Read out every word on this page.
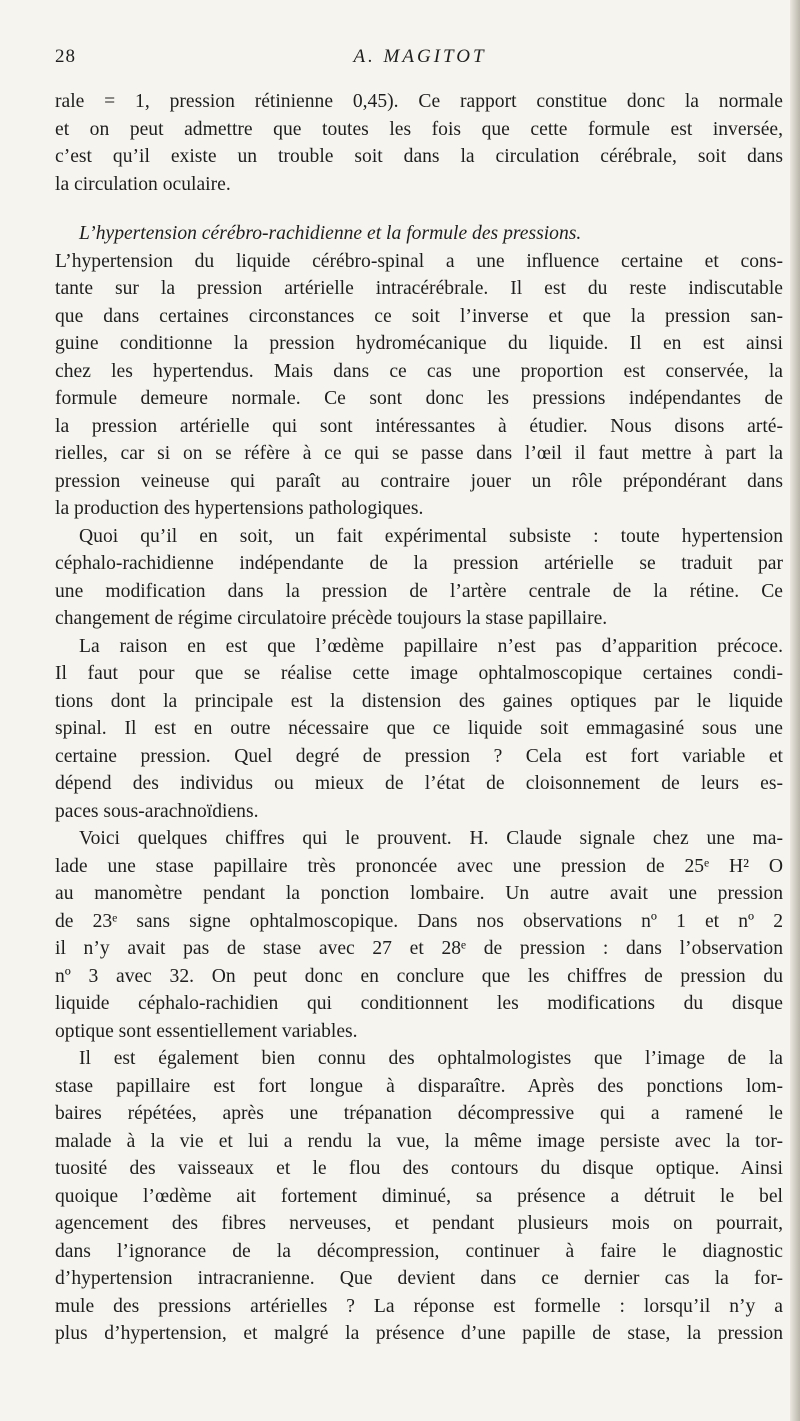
28	A. MAGITOT
rale = 1, pression rétinienne 0,45). Ce rapport constitue donc la normale
et on peut admettre que toutes les fois que cette formule est inversée,
c’est qu’il existe un trouble soit dans la circulation cérébrale, soit dans
la circulation oculaire.
L’hypertension cérébro-rachidienne et la formule des pressions.
L’hypertension du liquide cérébro-spinal a une influence certaine et cons-
tante sur la pression artérielle intracérébrale. Il est du reste indiscutable
que dans certaines circonstances ce soit l’inverse et que la pression san-
guine conditionne la pression hydromécanique du liquide. Il en est ainsi
chez les hypertendus. Mais dans ce cas une proportion est conservée, la
formule demeure normale. Ce sont donc les pressions indépendantes de
la pression artérielle qui sont intéressantes à étudier. Nous disons arté-
rielles, car si on se réfère à ce qui se passe dans l’œil il faut mettre à part la
pression veineuse qui paraît au contraire jouer un rôle prépondérant dans
la production des hypertensions pathologiques.
Quoi qu’il en soit, un fait expérimental subsiste : toute hypertension
céphalo-rachidienne indépendante de la pression artérielle se traduit par
une modification dans la pression de l’artère centrale de la rétine. Ce
changement de régime circulatoire précède toujours la stase papillaire.
La raison en est que l’œdème papillaire n’est pas d’apparition précoce.
Il faut pour que se réalise cette image ophtalmoscopique certaines condi-
tions dont la principale est la distension des gaines optiques par le liquide
spinal. Il est en outre nécessaire que ce liquide soit emmagasiné sous une
certaine pression. Quel degré de pression ? Cela est fort variable et
dépend des individus ou mieux de l’état de cloisonnement de leurs es-
paces sous-arachnoïdiens.
Voici quelques chiffres qui le prouvent. H. Claude signale chez une ma-
lade une stase papillaire très prononcée avec une pression de 25ᵉ H² O
au manomètre pendant la ponction lombaire. Un autre avait une pression
de 23ᵉ sans signe ophtalmoscopique. Dans nos observations nº 1 et nº 2
il n’y avait pas de stase avec 27 et 28ᵉ de pression : dans l’observation
nº 3 avec 32. On peut donc en conclure que les chiffres de pression du
liquide céphalo-rachidien qui conditionnent les modifications du disque
optique sont essentiellement variables.
Il est également bien connu des ophtalmologistes que l’image de la
stase papillaire est fort longue à disparaître. Après des ponctions lom-
baires répétées, après une trépanation décompressive qui a ramené le
malade à la vie et lui a rendu la vue, la même image persiste avec la tor-
tuosité des vaisseaux et le flou des contours du disque optique. Ainsi
quoique l’œdème ait fortement diminué, sa présence a détruit le bel
agencement des fibres nerveuses, et pendant plusieurs mois on pourrait,
dans l’ignorance de la décompression, continuer à faire le diagnostic
d’hypertension intracranienne. Que devient dans ce dernier cas la for-
mule des pressions artérielles ? La réponse est formelle : lorsqu’il n’y a
plus d’hypertension, et malgré la présence d’une papille de stase, la pression
